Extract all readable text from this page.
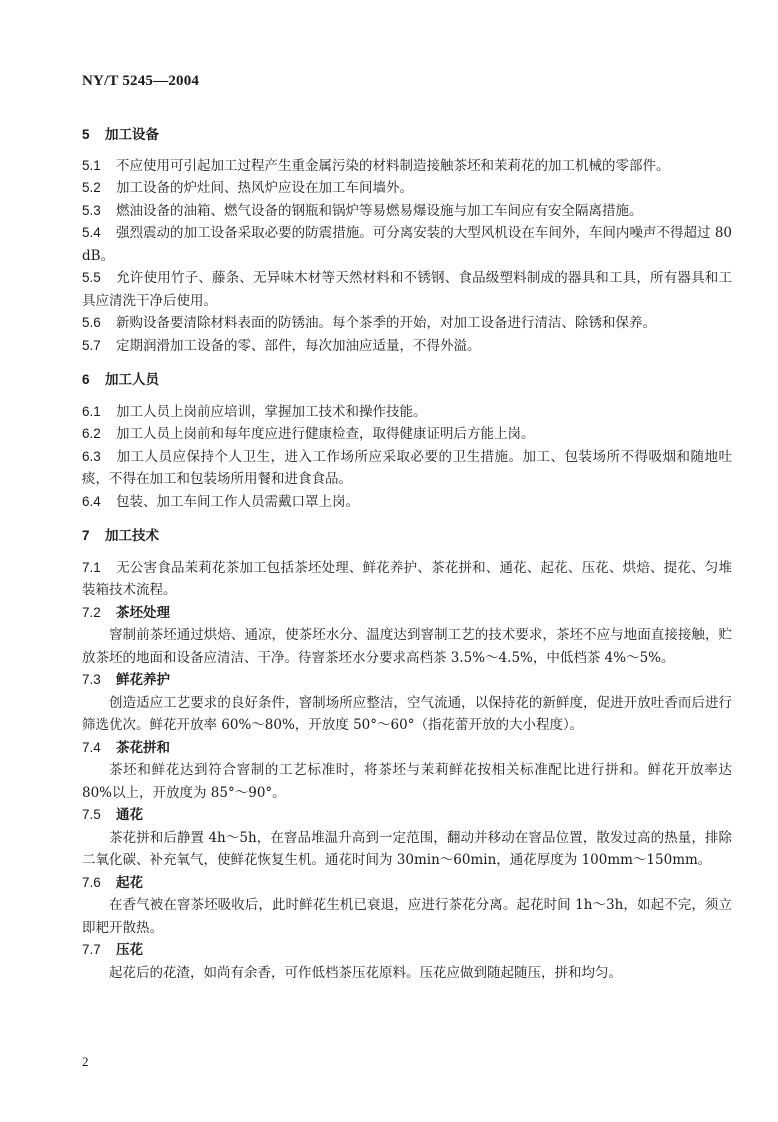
NY/T 5245—2004
5 加工设备

5.1 不应使用可引起加工过程产生重金属污染的材料制造接触茶坯和茉莉花的加工机械的零部件。

5.2 加工设备的炉灶间、热风炉应设在加工车间墙外。

5.3 燃油设备的油箱、燃气设备的钢瓶和锅炉等易燃易爆设施与加工车间应有安全隔离措施。

5.4 强烈震动的加工设备采取必要的防震措施。可分离安装的大型风机设在车间外，车间内噪声不得超过 80 dB。

5.5 允许使用竹子、藤条、无异味木材等天然材料和不锈钢、食品级塑料制成的器具和工具，所有器具和工具应清洗干净后使用。

5.6 新购设备要清除材料表面的防锈油。每个茶季的开始，对加工设备进行清洁、除锈和保养。

5.7 定期润滑加工设备的零、部件，每次加油应适量，不得外溢。

6 加工人员

6.1 加工人员上岗前应培训，掌握加工技术和操作技能。

6.2 加工人员上岗前和每年度应进行健康检查，取得健康证明后方能上岗。

6.3 加工人员应保持个人卫生，进入工作场所应采取必要的卫生措施。加工、包装场所不得吸烟和随地吐痰，不得在加工和包装场所用餐和进食食品。

6.4 包装、加工车间工作人员需戴口罩上岗。

7 加工技术

7.1 无公害食品茉莉花茶加工包括茶坯处理、鲜花养护、茶花拼和、通花、起花、压花、烘焙、提花、匀堆装箱技术流程。

7.2 茶坯处理

窨制前茶坯通过烘焙、通凉，使茶坯水分、温度达到窨制工艺的技术要求，茶坯不应与地面直接接触，贮放茶坯的地面和设备应清洁、干净。待窨茶坯水分要求高档茶 3.5%～4.5%，中低档茶 4%～5%。

7.3 鲜花养护

创造适应工艺要求的良好条件，窨制场所应整洁，空气流通，以保持花的新鲜度，促进开放吐香而后进行筛选优次。鲜花开放率 60%～80%，开放度 50°～60°（指花蕾开放的大小程度）。

7.4 茶花拼和

茶坯和鲜花达到符合窨制的工艺标准时，将茶坯与茉莉鲜花按相关标准配比进行拼和。鲜花开放率达 80%以上，开放度为 85°～90°。

7.5 通花

茶花拼和后静置 4h～5h，在窨品堆温升高到一定范围，翻动并移动在窨品位置，散发过高的热量，排除二氧化碳、补充氧气，使鲜花恢复生机。通花时间为 30min～60min，通花厚度为 100mm～150mm。

7.6 起花

在香气被在窨茶坯吸收后，此时鲜花生机已衰退，应进行茶花分离。起花时间 1h～3h，如起不完，须立即耙开散热。

7.7 压花

起花后的花渣，如尚有余香，可作低档茶压花原料。压花应做到随起随压，拼和均匀。

2
